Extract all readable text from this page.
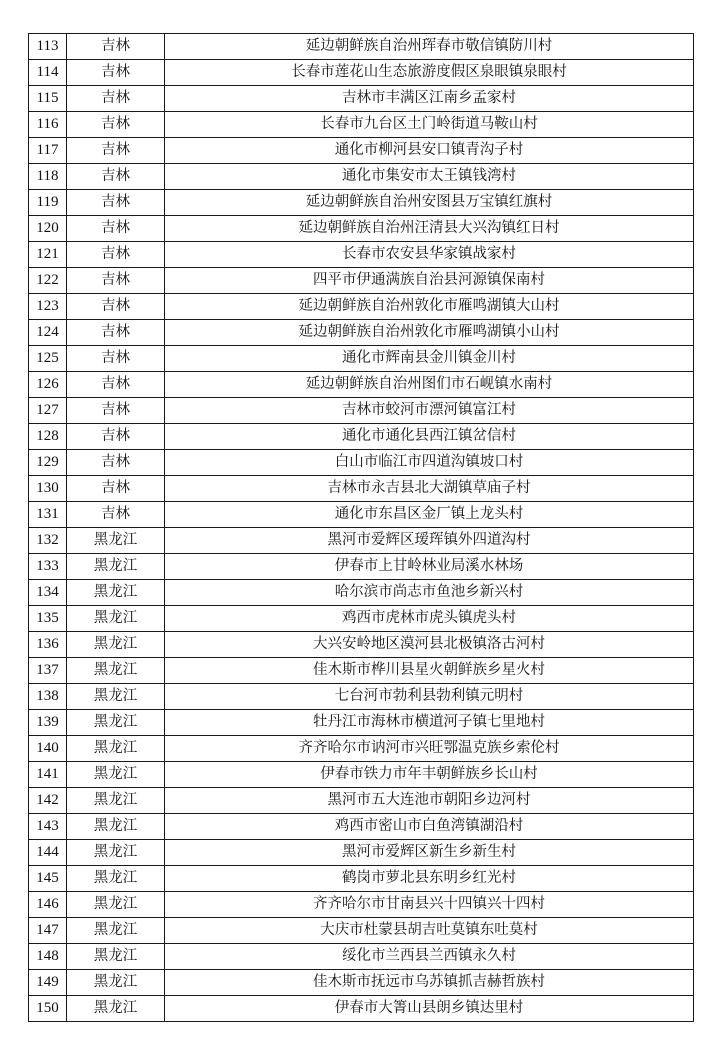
113	吉林	延边朝鲜族自治州珲春市敬信镇防川村
114	吉林	长春市莲花山生态旅游度假区泉眼镇泉眼村
115	吉林	吉林市丰满区江南乡孟家村
116	吉林	长春市九台区土门岭街道马鞍山村
117	吉林	通化市柳河县安口镇青沟子村
118	吉林	通化市集安市太王镇钱湾村
119	吉林	延边朝鲜族自治州安图县万宝镇红旗村
120	吉林	延边朝鲜族自治州汪清县大兴沟镇红日村
121	吉林	长春市农安县华家镇战家村
122	吉林	四平市伊通满族自治县河源镇保南村
123	吉林	延边朝鲜族自治州敦化市雁鸣湖镇大山村
124	吉林	延边朝鲜族自治州敦化市雁鸣湖镇小山村
125	吉林	通化市辉南县金川镇金川村
126	吉林	延边朝鲜族自治州图们市石岘镇水南村
127	吉林	吉林市蛟河市漂河镇富江村
128	吉林	通化市通化县西江镇岔信村
129	吉林	白山市临江市四道沟镇坡口村
130	吉林	吉林市永吉县北大湖镇草庙子村
131	吉林	通化市东昌区金厂镇上龙头村
132	黑龙江	黑河市爱辉区瑷珲镇外四道沟村
133	黑龙江	伊春市上甘岭林业局溪水林场
134	黑龙江	哈尔滨市尚志市鱼池乡新兴村
135	黑龙江	鸡西市虎林市虎头镇虎头村
136	黑龙江	大兴安岭地区漠河县北极镇洛古河村
137	黑龙江	佳木斯市桦川县星火朝鲜族乡星火村
138	黑龙江	七台河市勃利县勃利镇元明村
139	黑龙江	牡丹江市海林市横道河子镇七里地村
140	黑龙江	齐齐哈尔市讷河市兴旺鄂温克族乡索伦村
141	黑龙江	伊春市铁力市年丰朝鲜族乡长山村
142	黑龙江	黑河市五大连池市朝阳乡边河村
143	黑龙江	鸡西市密山市白鱼湾镇湖沿村
144	黑龙江	黑河市爱辉区新生乡新生村
145	黑龙江	鹤岗市萝北县东明乡红光村
146	黑龙江	齐齐哈尔市甘南县兴十四镇兴十四村
147	黑龙江	大庆市杜蒙县胡吉吐莫镇东吐莫村
148	黑龙江	绥化市兰西县兰西镇永久村
149	黑龙江	佳木斯市抚远市乌苏镇抓吉赫哲族村
150	黑龙江	伊春市大箐山县朗乡镇达里村
